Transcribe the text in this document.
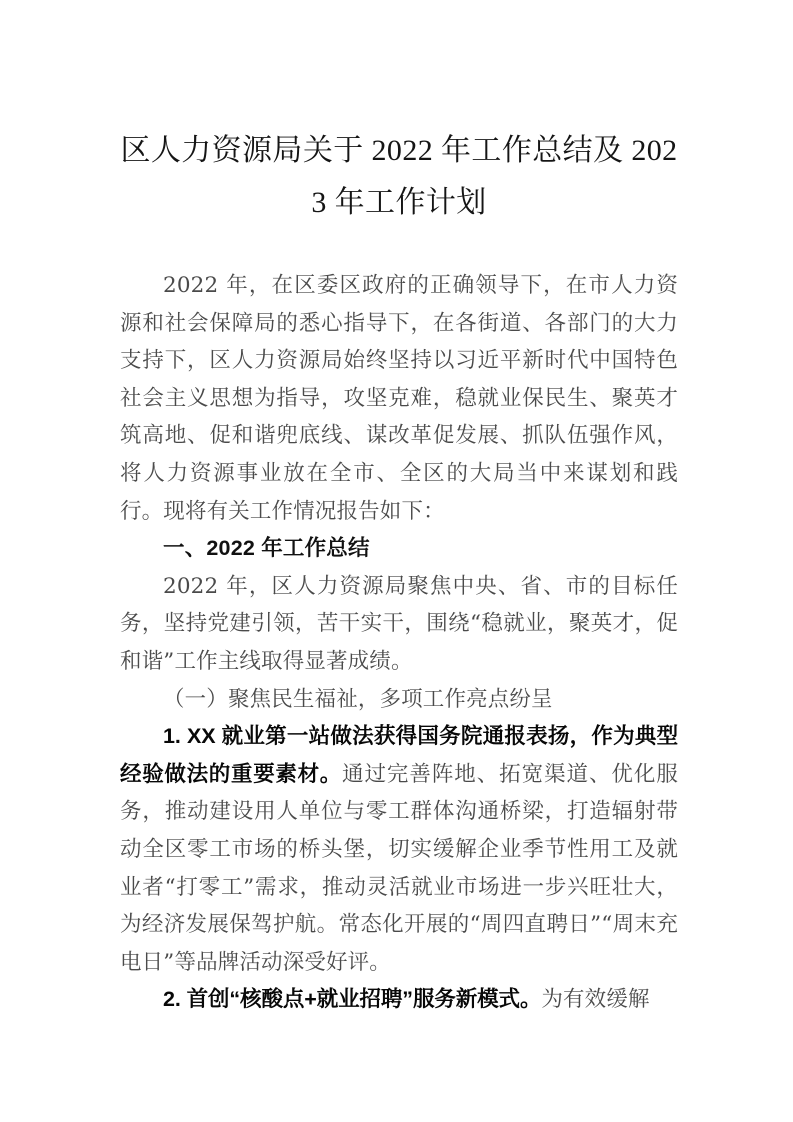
区人力资源局关于 2022 年工作总结及 2023 年工作计划

2022 年，在区委区政府的正确领导下，在市人力资源和社会保障局的悉心指导下，在各街道、各部门的大力支持下，区人力资源局始终坚持以习近平新时代中国特色社会主义思想为指导，攻坚克难，稳就业保民生、聚英才筑高地、促和谐兜底线、谋改革促发展、抓队伍强作风，将人力资源事业放在全市、全区的大局当中来谋划和践行。现将有关工作情况报告如下：

一、2022 年工作总结

2022 年，区人力资源局聚焦中央、省、市的目标任务，坚持党建引领，苦干实干，围绕“稳就业，聚英才，促和谐”工作主线取得显著成绩。

（一）聚焦民生福祉，多项工作亮点纷呈

1. XX 就业第一站做法获得国务院通报表扬，作为典型经验做法的重要素材。通过完善阵地、拓宽渠道、优化服务，推动建设用人单位与零工群体沟通桥梁，打造辐射带动全区零工市场的桥头堡，切实缓解企业季节性用工及就业者“打零工”需求，推动灵活就业市场进一步兴旺壮大，为经济发展保驾护航。常态化开展的“周四直聘日”“周末充电日”等品牌活动深受好评。

2. 首创“核酸点+就业招聘”服务新模式。为有效缓解
